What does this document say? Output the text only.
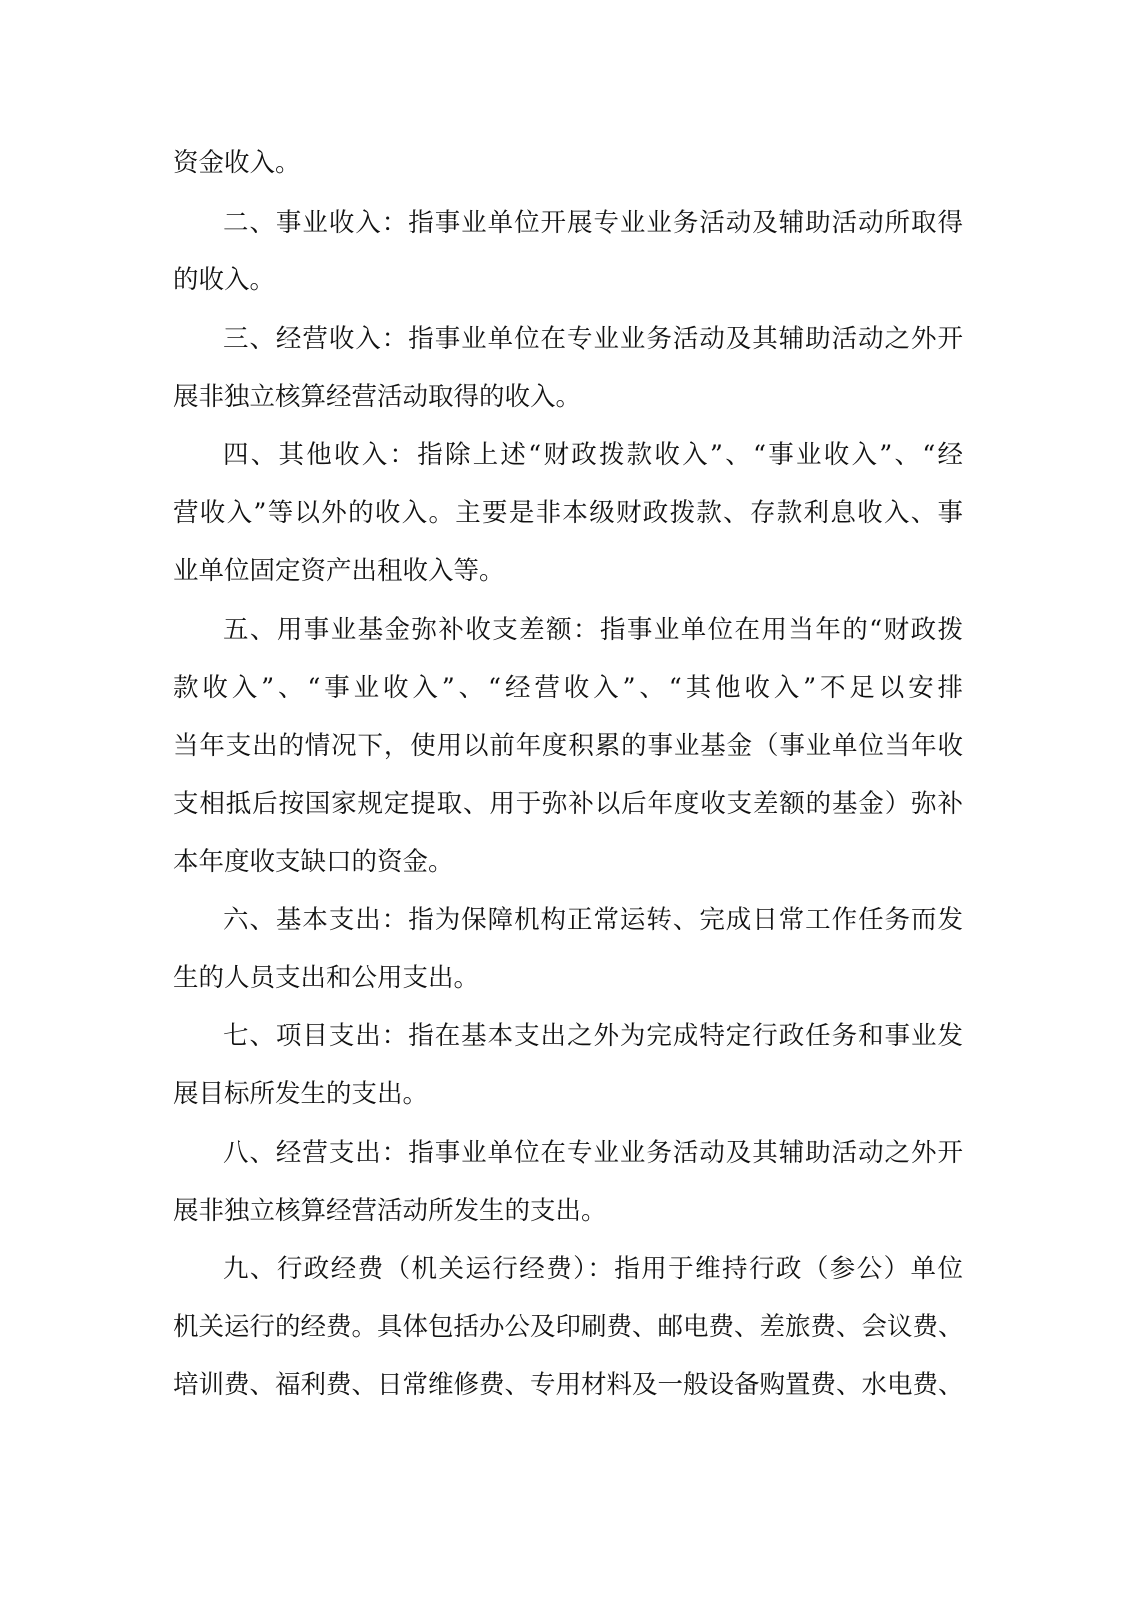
资金收入。
二、事业收入：指事业单位开展专业业务活动及辅助活动所取得
的收入。
三、经营收入：指事业单位在专业业务活动及其辅助活动之外开
展非独立核算经营活动取得的收入。
四、其他收入：指除上述“财政拨款收入”、“事业收入”、“经
营收入”等以外的收入。主要是非本级财政拨款、存款利息收入、事
业单位固定资产出租收入等。
五、用事业基金弥补收支差额：指事业单位在用当年的“财政拨
款收入”、“事业收入”、“经营收入”、“其他收入”不足以安排
当年支出的情况下，使用以前年度积累的事业基金（事业单位当年收
支相抵后按国家规定提取、用于弥补以后年度收支差额的基金）弥补
本年度收支缺口的资金。
六、基本支出：指为保障机构正常运转、完成日常工作任务而发
生的人员支出和公用支出。
七、项目支出：指在基本支出之外为完成特定行政任务和事业发
展目标所发生的支出。
八、经营支出：指事业单位在专业业务活动及其辅助活动之外开
展非独立核算经营活动所发生的支出。
九、行政经费（机关运行经费）：指用于维持行政（参公）单位
机关运行的经费。具体包括办公及印刷费、邮电费、差旅费、会议费、
培训费、福利费、日常维修费、专用材料及一般设备购置费、水电费、
